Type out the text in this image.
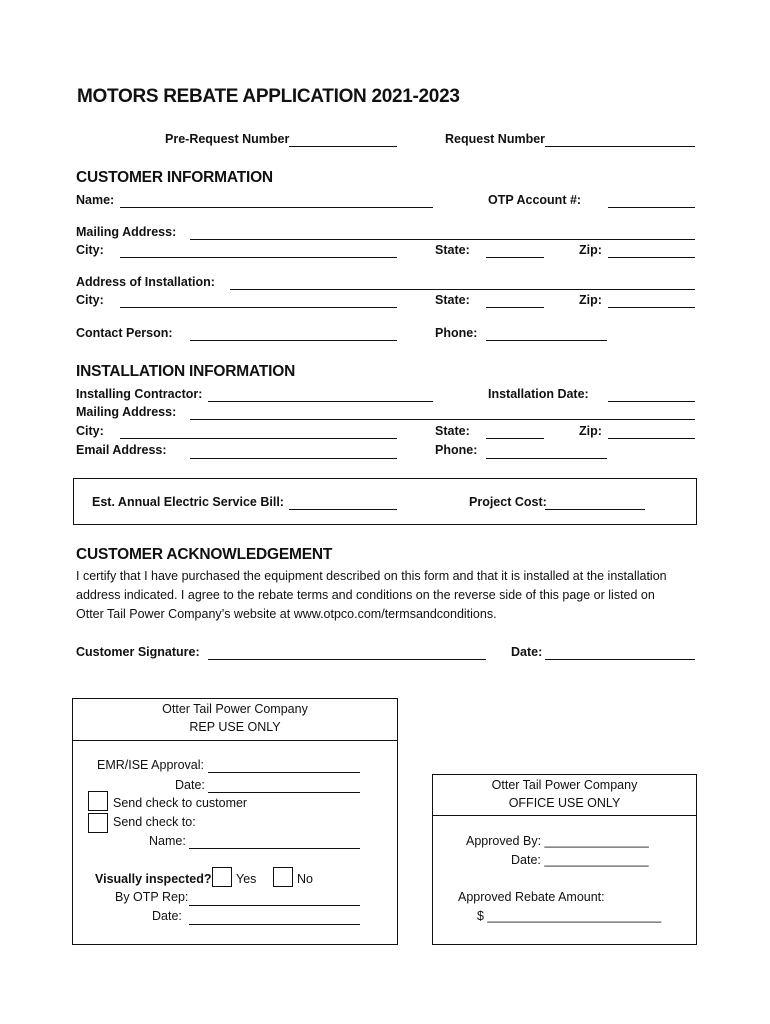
MOTORS REBATE APPLICATION 2021-2023
Pre-Request Number	Request Number
CUSTOMER INFORMATION
Name:	OTP Account #:
Mailing Address:
City:	State:	Zip:
Address of Installation:
City:	State:	Zip:
Contact Person:	Phone:
INSTALLATION INFORMATION
Installing Contractor:	Installation Date:
Mailing Address:
City:	State:	Zip:
Email Address:	Phone:
Est. Annual Electric Service Bill:	Project Cost:
CUSTOMER ACKNOWLEDGEMENT
I certify that I have purchased the equipment described on this form and that it is installed at the installation
address indicated. I agree to the rebate terms and conditions on the reverse side of this page or listed on
Otter Tail Power Company’s website at www.otpco.com/termsandconditions.
Customer Signature:	Date:
Otter Tail Power Company
REP USE ONLY
EMR/ISE Approval:
Date:
Send check to customer
Send check to:
Name:
Visually inspected? Yes	No
By OTP Rep:
Date:
Otter Tail Power Company
OFFICE USE ONLY
Approved By: _______________
Date: _______________
Approved Rebate Amount:
$ _________________________
